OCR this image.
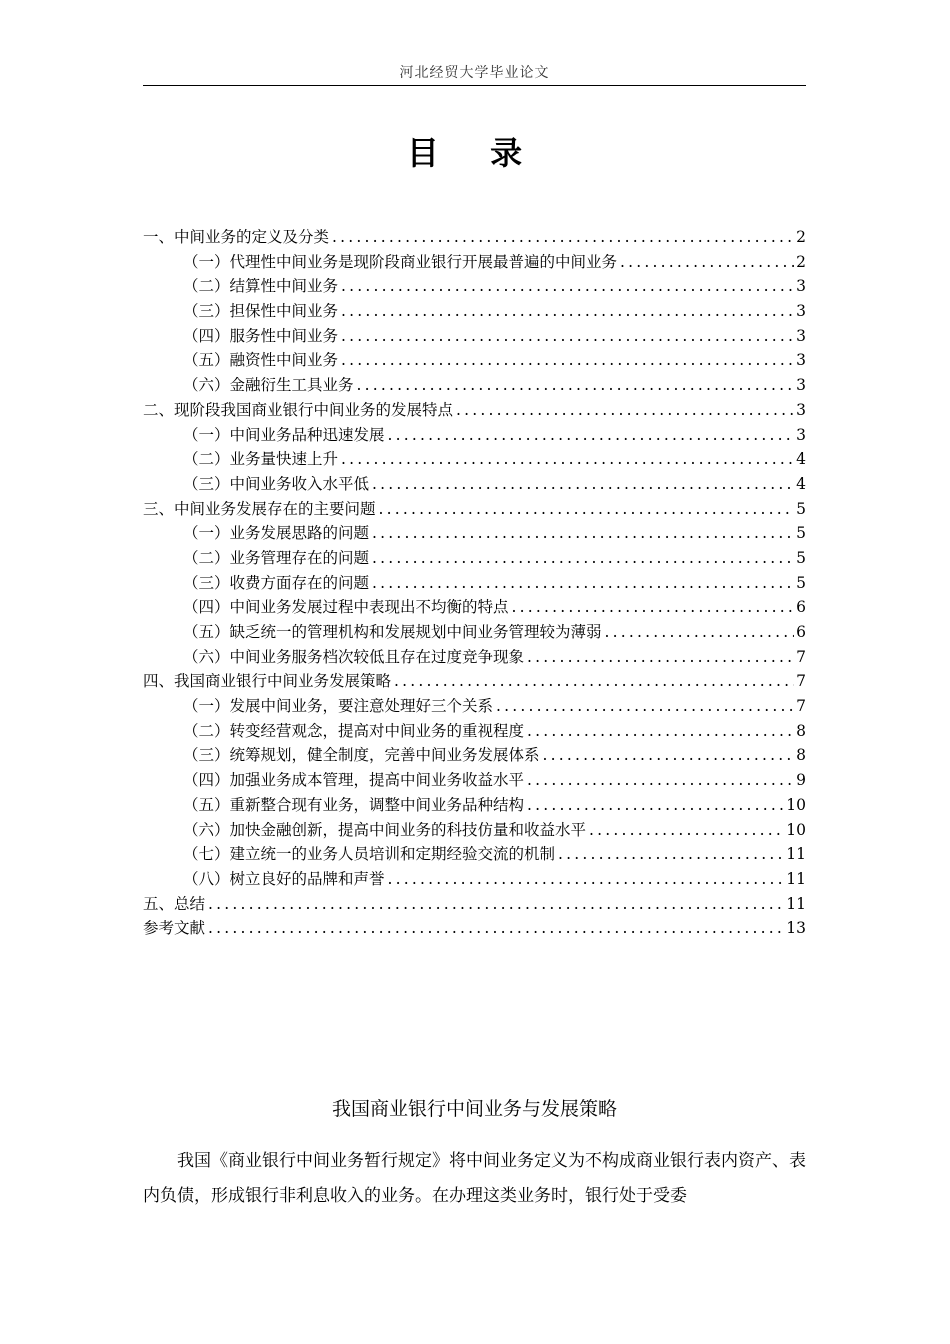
河北经贸大学毕业论文
目 录
一、中间业务的定义及分类 .....	2
（一）代理性中间业务是现阶段商业银行开展最普遍的中间业务 .....	2
（二）结算性中间业务 .....	3
（三）担保性中间业务 .....	3
（四）服务性中间业务 .....	3
（五）融资性中间业务 .....	3
（六）金融衍生工具业务 .....	3
二、现阶段我国商业银行中间业务的发展特点 .....	3
（一）中间业务品种迅速发展 .....	3
（二）业务量快速上升 .....	4
（三）中间业务收入水平低 .....	4
三、中间业务发展存在的主要问题 .....	5
（一）业务发展思路的问题 .....	5
（二）业务管理存在的问题 .....	5
（三）收费方面存在的问题 .....	5
（四）中间业务发展过程中表现出不均衡的特点 .....	6
（五）缺乏统一的管理机构和发展规划中间业务管理较为薄弱 .....	6
（六）中间业务服务档次较低且存在过度竞争现象 .....	7
四、我国商业银行中间业务发展策略 .....	7
（一）发展中间业务，要注意处理好三个关系 .....	7
（二）转变经营观念，提高对中间业务的重视程度 .....	8
（三）统筹规划，健全制度，完善中间业务发展体系 .....	8
（四）加强业务成本管理，提高中间业务收益水平 .....	9
（五）重新整合现有业务，调整中间业务品种结构 .....	10
（六）加快金融创新，提高中间业务的科技仿量和收益水平 .....	10
（七）建立统一的业务人员培训和定期经验交流的机制 .....	11
（八）树立良好的品牌和声誉 .....	11
五、总结 .....	11
参考文献 .....	13
我国商业银行中间业务与发展策略
我国《商业银行中间业务暂行规定》将中间业务定义为不构成商业银行表内资产、表内负债，形成银行非利息收入的业务。在办理这类业务时，银行处于受委
